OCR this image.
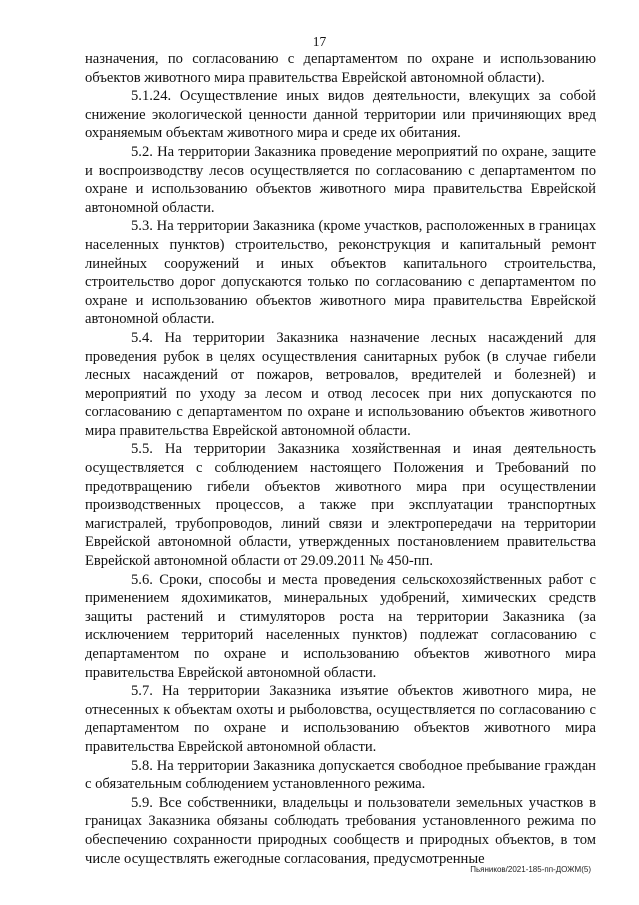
17

назначения, по согласованию с департаментом по охране и использованию объектов животного мира правительства Еврейской автономной области).

5.1.24. Осуществление иных видов деятельности, влекущих за собой снижение экологической ценности данной территории или причиняющих вред охраняемым объектам животного мира и среде их обитания.

5.2. На территории Заказника проведение мероприятий по охране, защите и воспроизводству лесов осуществляется по согласованию с департаментом по охране и использованию объектов животного мира правительства Еврейской автономной области.

5.3. На территории Заказника (кроме участков, расположенных в границах населенных пунктов) строительство, реконструкция и капитальный ремонт линейных сооружений и иных объектов капитального строительства, строительство дорог допускаются только по согласованию с департаментом по охране и использованию объектов животного мира правительства Еврейской автономной области.

5.4. На территории Заказника назначение лесных насаждений для проведения рубок в целях осуществления санитарных рубок (в случае гибели лесных насаждений от пожаров, ветровалов, вредителей и болезней) и мероприятий по уходу за лесом и отвод лесосек при них допускаются по согласованию с департаментом по охране и использованию объектов животного мира правительства Еврейской автономной области.

5.5. На территории Заказника хозяйственная и иная деятельность осуществляется с соблюдением настоящего Положения и Требований по предотвращению гибели объектов животного мира при осуществлении производственных процессов, а также при эксплуатации транспортных магистралей, трубопроводов, линий связи и электропередачи на территории Еврейской автономной области, утвержденных постановлением правительства Еврейской автономной области от 29.09.2011 № 450-пп.

5.6. Сроки, способы и места проведения сельскохозяйственных работ с применением ядохимикатов, минеральных удобрений, химических средств защиты растений и стимуляторов роста на территории Заказника (за исключением территорий населенных пунктов) подлежат согласованию с департаментом по охране и использованию объектов животного мира правительства Еврейской автономной области.

5.7. На территории Заказника изъятие объектов животного мира, не отнесенных к объектам охоты и рыболовства, осуществляется по согласованию с департаментом по охране и использованию объектов животного мира правительства Еврейской автономной области.

5.8. На территории Заказника допускается свободное пребывание граждан с обязательным соблюдением установленного режима.

5.9. Все собственники, владельцы и пользователи земельных участков в границах Заказника обязаны соблюдать требования установленного режима по обеспечению сохранности природных сообществ и природных объектов, в том числе осуществлять ежегодные согласования, предусмотренные

Пьяников/2021-185-пп-ДОЖМ(5)
